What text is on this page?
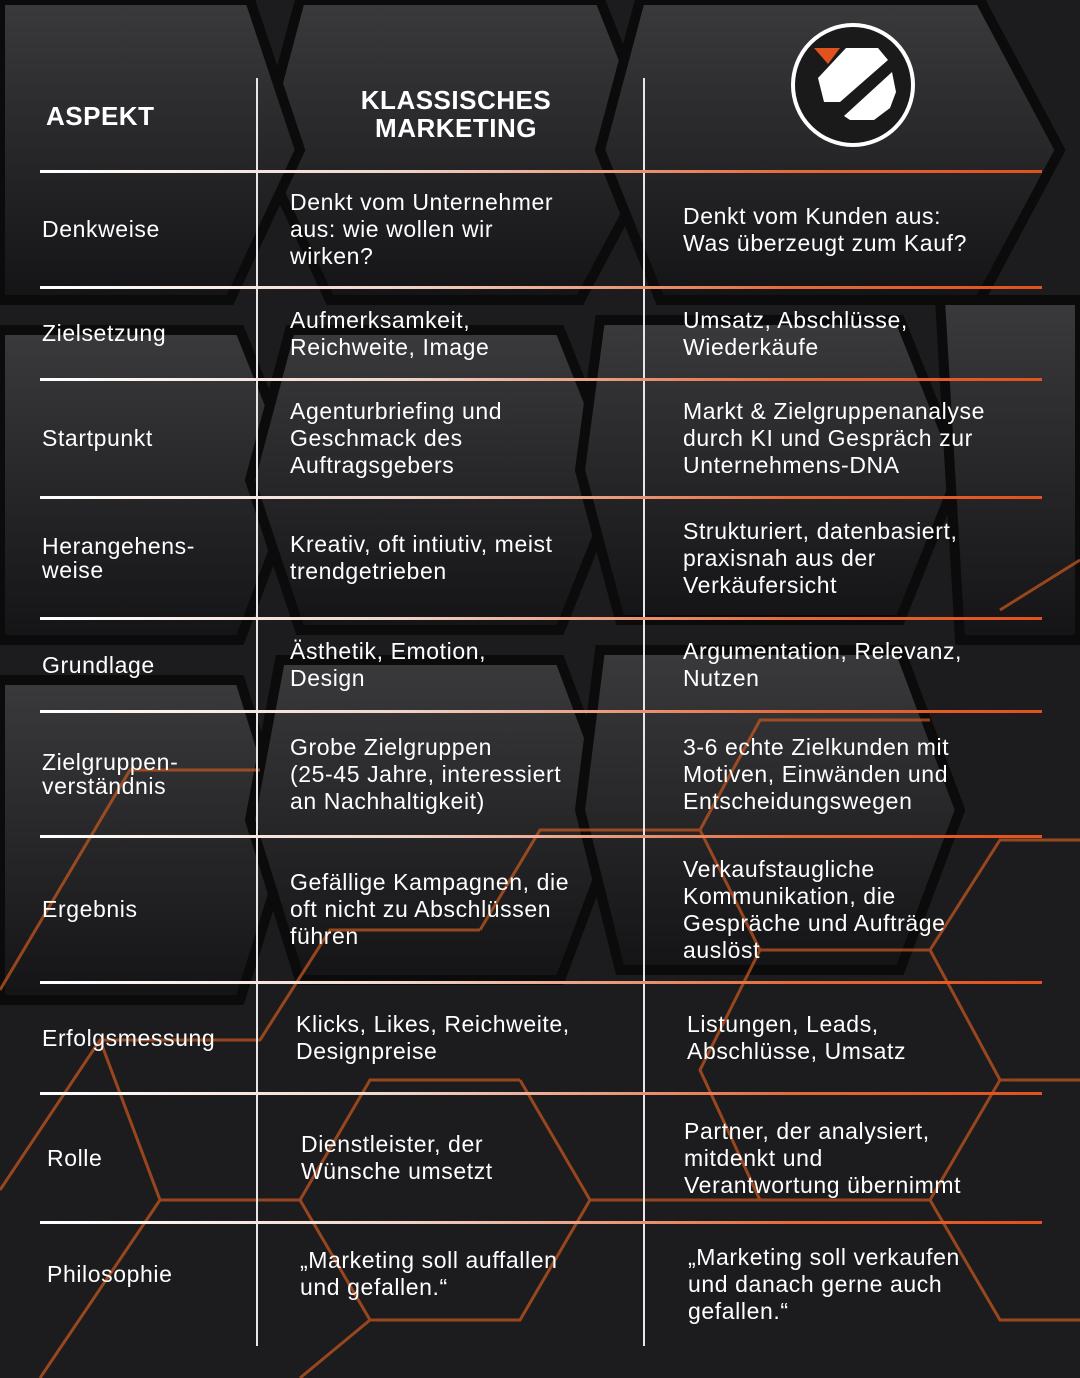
ASPEKT
KLASSISCHES
MARKETING
Denkweise
Denkt vom Unternehmer
aus: wie wollen wir
wirken?
Denkt vom Kunden aus:
Was überzeugt zum Kauf?
Zielsetzung
Aufmerksamkeit,
Reichweite, Image
Umsatz, Abschlüsse,
Wiederkäufe
Startpunkt
Agenturbriefing und
Geschmack des
Auftragsgebers
Markt & Zielgruppenanalyse
durch KI und Gespräch zur
Unternehmens-DNA
Herangehens-
weise
Kreativ, oft intiutiv, meist
trendgetrieben
Strukturiert, datenbasiert,
praxisnah aus der
Verkäufersicht
Grundlage
Ästhetik, Emotion,
Design
Argumentation, Relevanz,
Nutzen
Zielgruppen-
verständnis
Grobe Zielgruppen
(25-45 Jahre, interessiert
an Nachhaltigkeit)
3-6 echte Zielkunden mit
Motiven, Einwänden und
Entscheidungswegen
Ergebnis
Gefällige Kampagnen, die
oft nicht zu Abschlüssen
führen
Verkaufstaugliche
Kommunikation, die
Gespräche und Aufträge
auslöst
Erfolgsmessung
Klicks, Likes, Reichweite,
Designpreise
Listungen, Leads,
Abschlüsse, Umsatz
Rolle
Dienstleister, der
Wünsche umsetzt
Partner, der analysiert,
mitdenkt und
Verantwortung übernimmt
Philosophie
„Marketing soll auffallen
und gefallen.“
„Marketing soll verkaufen
und danach gerne auch
gefallen.“
